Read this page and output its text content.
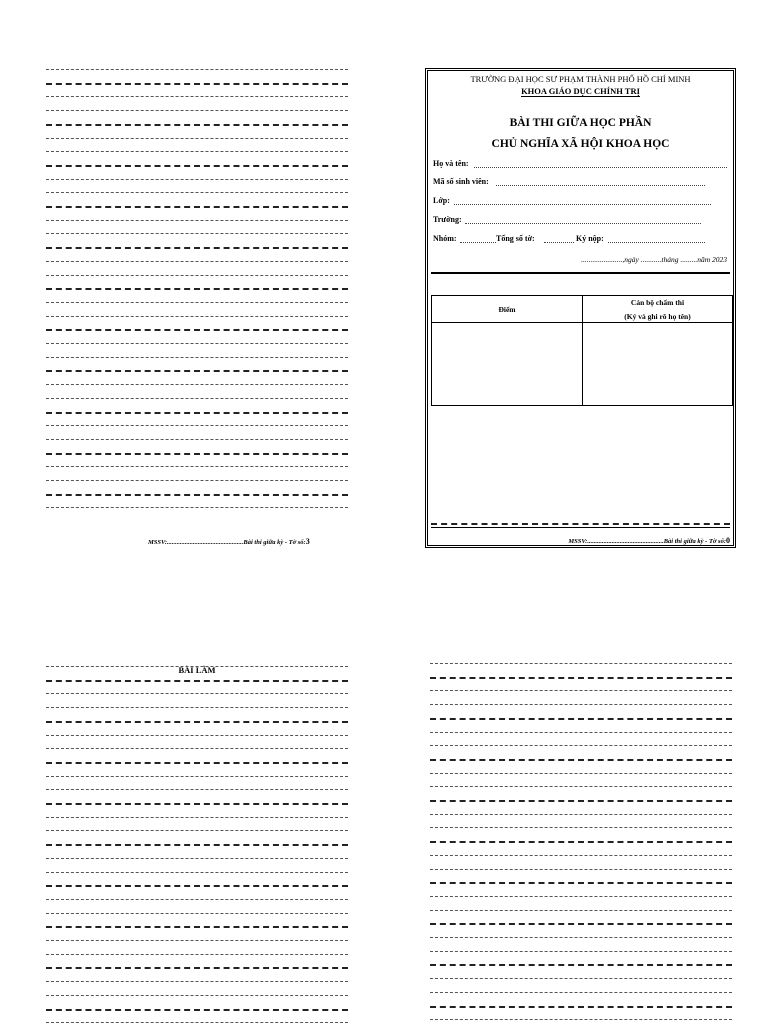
MSSV:...............................................Bài thi giữa kỳ - Tờ số:3
TRƯỜNG ĐẠI HỌC SƯ PHẠM THÀNH PHỐ HỒ CHÍ MINH
KHOA GIÁO DỤC CHÍNH TRỊ
BÀI THI GIỮA HỌC PHẦN
CHỦ NGHĨA XÃ HỘI KHOA HỌC
Họ và tên:
Mã số sinh viên:
Lớp:
Trường:
Nhóm:	Tổng số tờ:	Ký nộp:
......................,ngày ...........tháng .........năm 2023
Điểm	Cán bộ chấm thi
(Ký và ghi rõ họ tên)

MSSV:...............................................Bài thi giữa kỳ - Tờ số:0
BÀI LÀM
